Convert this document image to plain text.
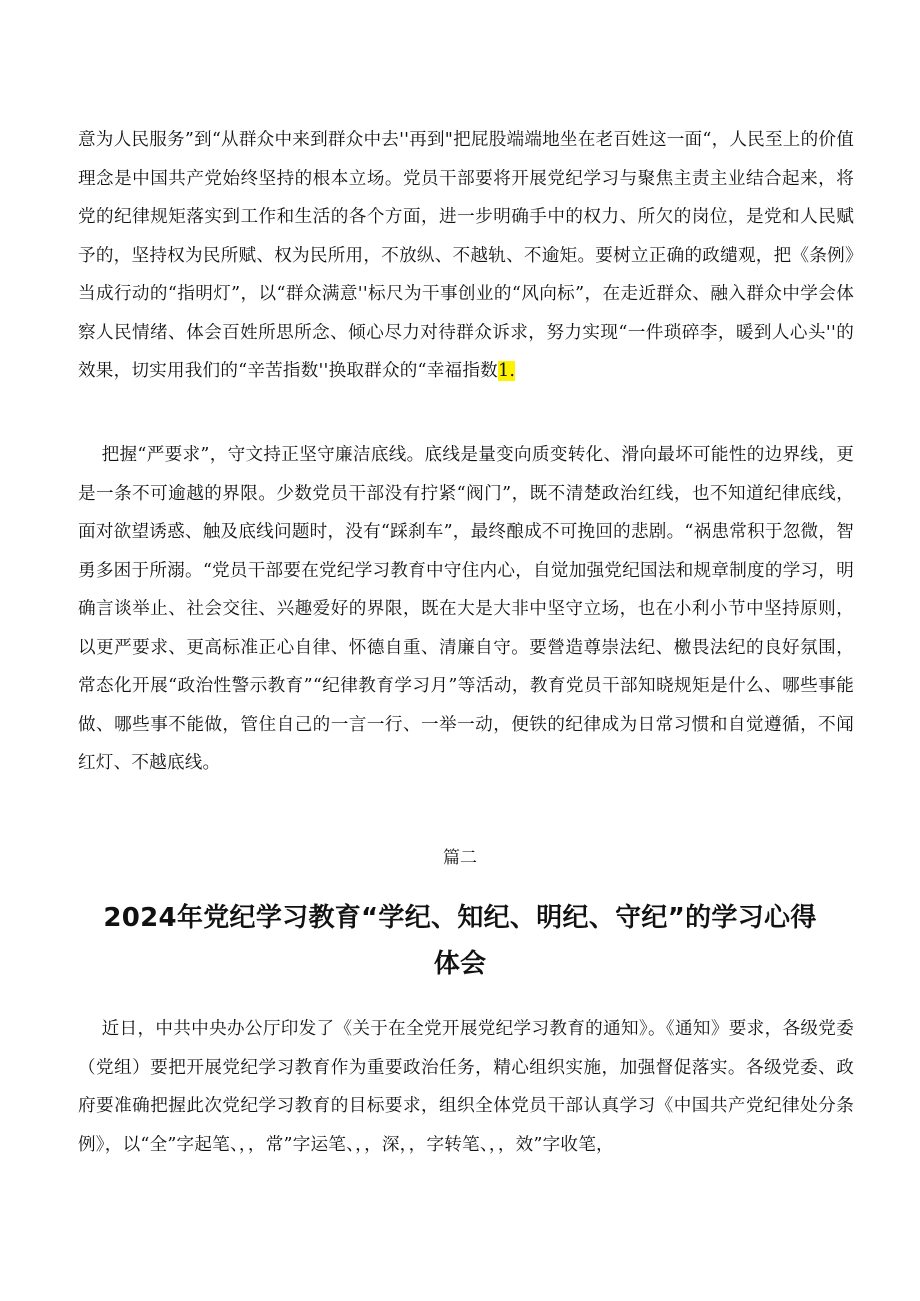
意为人民服务”到“从群众中来到群众中去''再到"把屁股端端地坐在老百姓这一面“，人民至上的价值理念是中国共产党始终坚持的根本立场。党员干部要将开展党纪学习与聚焦主责主业结合起来，将党的纪律规矩落实到工作和生活的各个方面，进一步明确手中的权力、所欠的岗位，是党和人民赋予的，坚持权为民所赋、权为民所用，不放纵、不越轨、不逾矩。要树立正确的政缱观，把《条例》当成行动的“指明灯”，以“群众满意''标尺为干事创业的“风向标”，在走近群众、融入群众中学会体察人民情绪、体会百姓所思所念、倾心尽力对待群众诉求，努力实现“一件琐碎李，暖到人心头''的效果，切实用我们的“辛苦指数''换取群众的“幸福指数1.

把握“严要求”，守文持正坚守廉洁底线。底线是量变向质变转化、滑向最坏可能性的边界线，更是一条不可逾越的界限。少数党员干部没有拧紧“阀门”，既不清楚政治红线，也不知道纪律底线，面对欲望诱惑、触及底线问题时，没有“踩刹车”，最终酿成不可挽回的悲剧。“祸患常积于忽微，智勇多困于所溺。“党员干部要在党纪学习教育中守住内心，自觉加强党纪国法和规章制度的学习，明确言谈举止、社会交往、兴趣爱好的界限，既在大是大非中坚守立场，也在小利小节中坚持原则，以更严要求、更高标准正心自律、怀德自重、清廉自守。要營造尊崇法纪、檄畏法纪的良好氛围，常态化开展“政治性警示教育”“纪律教育学习月”等活动，教育党员干部知晓规矩是什么、哪些事能做、哪些事不能做，管住自己的一言一行、一举一动，便铁的纪律成为日常习惯和自觉遵循，不闻红灯、不越底线。

篇二

2024年党纪学习教育“学纪、知纪、明纪、守纪”的学习心得体会

近日，中共中央办公厅印发了《关于在全党开展党纪学习教育的通知》。《通知》要求，各级党委（党组）要把开展党纪学习教育作为重要政治任务，精心组织实施，加强督促落实。各级党委、政府要准确把握此次党纪学习教育的目标要求，组织全体党员干部认真学习《中国共产党纪律处分条例》，以“全”字起笔、，，常”字运笔、，，深，，字转笔、，，效”字收笔，
